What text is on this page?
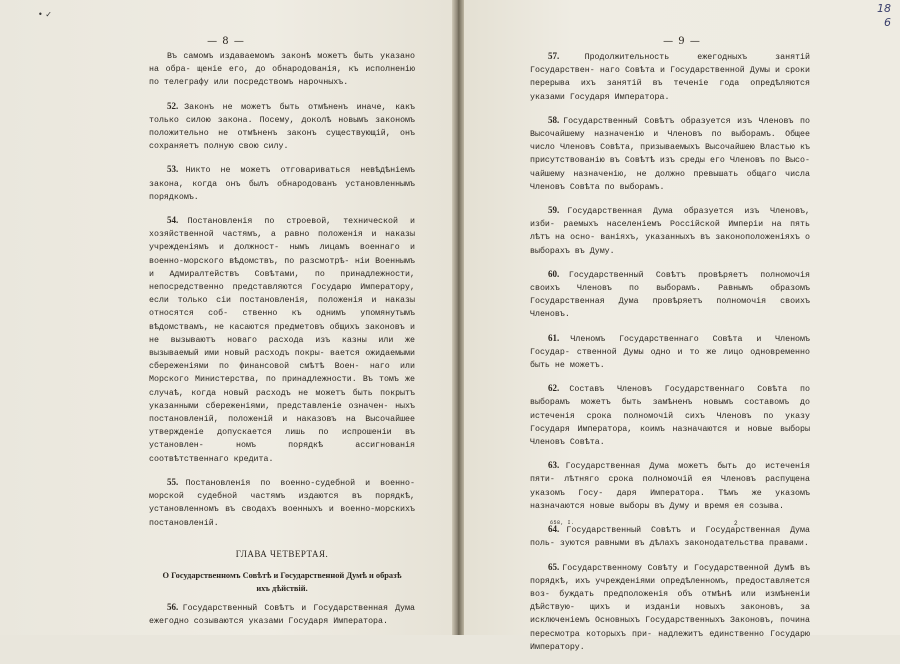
• ✓
— 8 —

Въ самомъ издаваемомъ законѣ можетъ быть указано на обра- щеніе его, до обнародованія, къ исполненію по телеграфу или посредствомъ нарочныхъ.

52. Законъ не можетъ быть отмѣненъ иначе, какъ только силою закона. Посему, доколѣ новымъ закономъ положительно не отмѣненъ законъ существующій, онъ сохраняетъ полную свою силу.

53. Никто не можетъ отговариваться невѣдѣніемъ закона, когда онъ былъ обнародованъ установленнымъ порядкомъ.

54. Постановленія по строевой, технической и хозяйственной частямъ, а равно положенія и наказы учрежденіямъ и должност- нымъ лицамъ военнаго и военно-морского вѣдомствъ, по разсмотрѣ- ніи Военнымъ и Адмиралтействъ Совѣтами, по принадлежности, непосредственно представляются Государю Императору, если только сіи постановленія, положенія и наказы относятся соб- ственно къ однимъ упомянутымъ вѣдомствамъ, не касаются предметовъ общихъ законовъ и не вызываютъ новаго расхода изъ казны или же вызываемый ими новый расходъ покры- вается ожидаемыми сбереженіями по финансовой смѣтѣ Воен- наго или Морского Министерства, по принадлежности. Въ томъ же случаѣ, когда новый расходъ не можетъ быть покрытъ указанными сбереженіями, представленіе означен- ныхъ постановленій, положеній и наказовъ на Высочайшее утвержденіе допускается лишь по испрошеніи въ установлен-	номъ порядкѣ ассигнованія соотвѣтственнаго кредита.

55. Постановленія по военно-судебной и военно-морской судебной частямъ издаются въ порядкѣ, установленномъ въ сводахъ военныхъ и военно-морскихъ постановленій.

ГЛАВА ЧЕТВЕРТАЯ.
О Государственномъ Совѣтѣ и Государственной Думѣ и образѣ
ихъ дѣйствій.

56. Государственный Совѣтъ и Государственная Дума ежегодно созываются указами Государя Императора.

— 9 —

57. Продолжительность ежегодныхъ занятій Государствен- наго Совѣта и Государственной Думы и сроки перерыва ихъ занятій въ теченіе года опредѣляются указами Государя Императора.

58. Государственный Совѣтъ образуется изъ Членовъ по Высочайшему назначенію и Членовъ по выборамъ. Общее число Членовъ Совѣта, призываемыхъ Высочайшею Властью къ присутствованію въ Совѣтѣ изъ среды его Членовъ по Высо- чайшему назначенію, не должно превышать общаго числа Членовъ Совѣта по выборамъ.

59. Государственная Дума образуется изъ Членовъ, изби- раемыхъ населеніемъ Россійской Имперіи на пять лѣтъ на осно- ваніяхъ, указанныхъ въ законоположеніяхъ о выборахъ въ Думу.

60. Государственный Совѣтъ провѣряетъ полномочія своихъ Членовъ по выборамъ. Равнымъ образомъ Государственная Дума провѣряетъ полномочія своихъ Членовъ.

61. Членомъ Государственнаго Совѣта и Членомъ Государ- ственной Думы одно и то же лицо одновременно быть не можетъ.

62. Составъ Членовъ Государственнаго Совѣта по выборамъ можетъ быть замѣненъ новымъ составомъ до истеченія срока полномочій сихъ Членовъ по указу Государя Императора, коимъ назначаются и новые выборы Членовъ Совѣта.

63. Государственная Дума можетъ быть до истеченія пяти- лѣтняго срока полномочій ея Членовъ распущена указомъ Госу- даря Императора. Тѣмъ же указомъ назначаются новые выборы въ Думу и время ея созыва.

64. Государственный Совѣтъ и Государственная Дума поль- зуются равными въ дѣлахъ законодательства правами.

65. Государственному Совѣту и Государственной Думѣ въ порядкѣ, ихъ учрежденіями опредѣленномъ, предоставляется воз- буждать предположенія объ отмѣнѣ или измѣненіи дѣйствую- щихъ и изданіи новыхъ законовъ, за исключеніемъ Основныхъ Государственныхъ Законовъ, почина пересмотра которыхъ при- надлежитъ единственно Государю Императору.

658, I.	2
18
6
